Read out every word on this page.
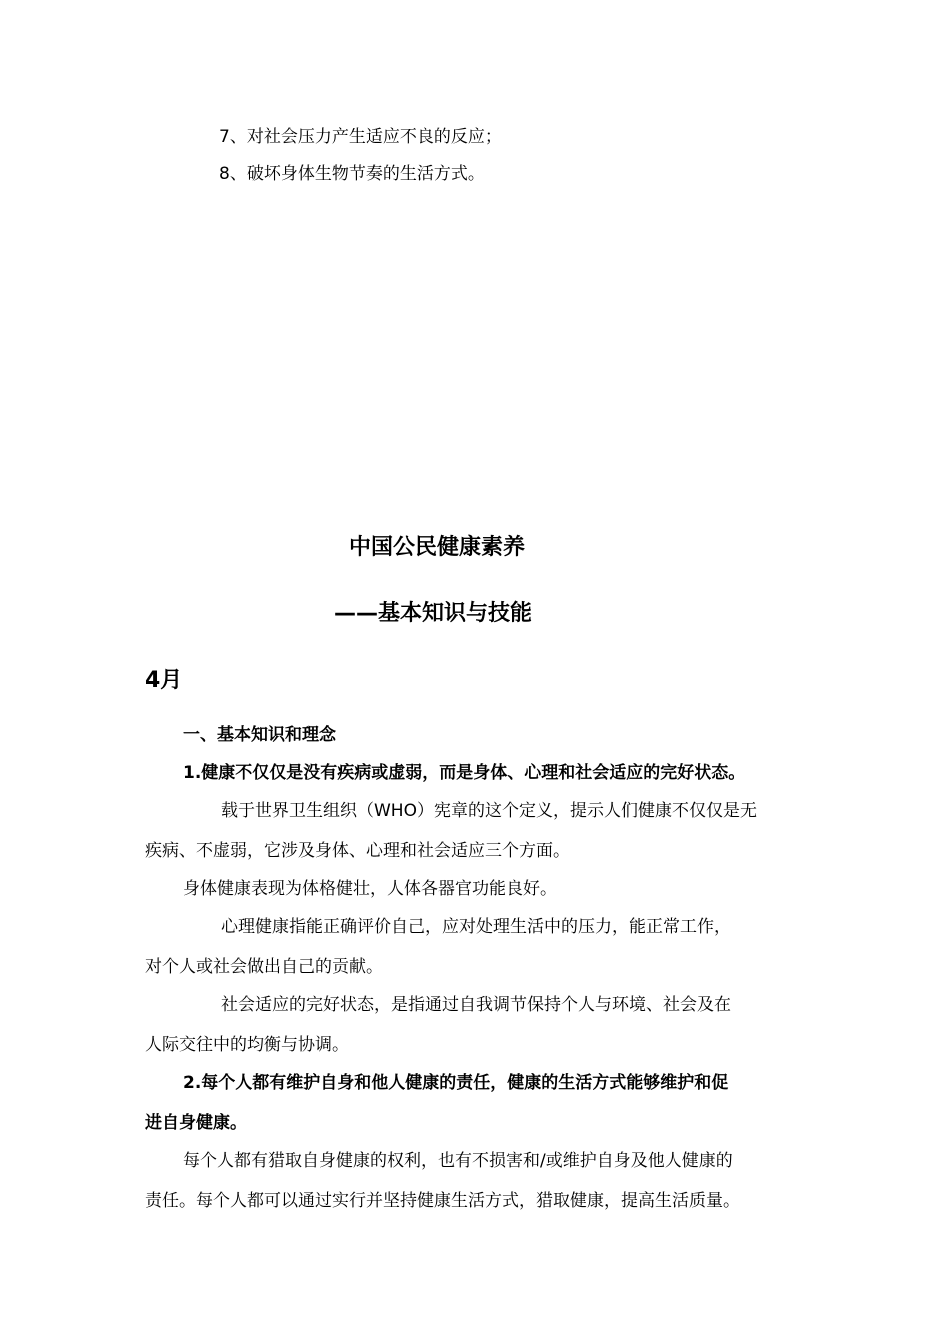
7、对社会压力产生适应不良的反应；
8、破坏身体生物节奏的生活方式。
中国公民健康素养
——基本知识与技能
4月
一、基本知识和理念
1.健康不仅仅是没有疾病或虚弱，而是身体、心理和社会适应的完好状态。
载于世界卫生组织（WHO）宪章的这个定义，提示人们健康不仅仅是无
疾病、不虚弱，它涉及身体、心理和社会适应三个方面。
身体健康表现为体格健壮，人体各器官功能良好。
心理健康指能正确评价自己，应对处理生活中的压力，能正常工作，
对个人或社会做出自己的贡献。
社会适应的完好状态，是指通过自我调节保持个人与环境、社会及在
人际交往中的均衡与协调。
2.每个人都有维护自身和他人健康的责任，健康的生活方式能够维护和促
进自身健康。
每个人都有猎取自身健康的权利，也有不损害和/或维护自身及他人健康的
责任。每个人都可以通过实行并坚持健康生活方式，猎取健康，提高生活质量。
